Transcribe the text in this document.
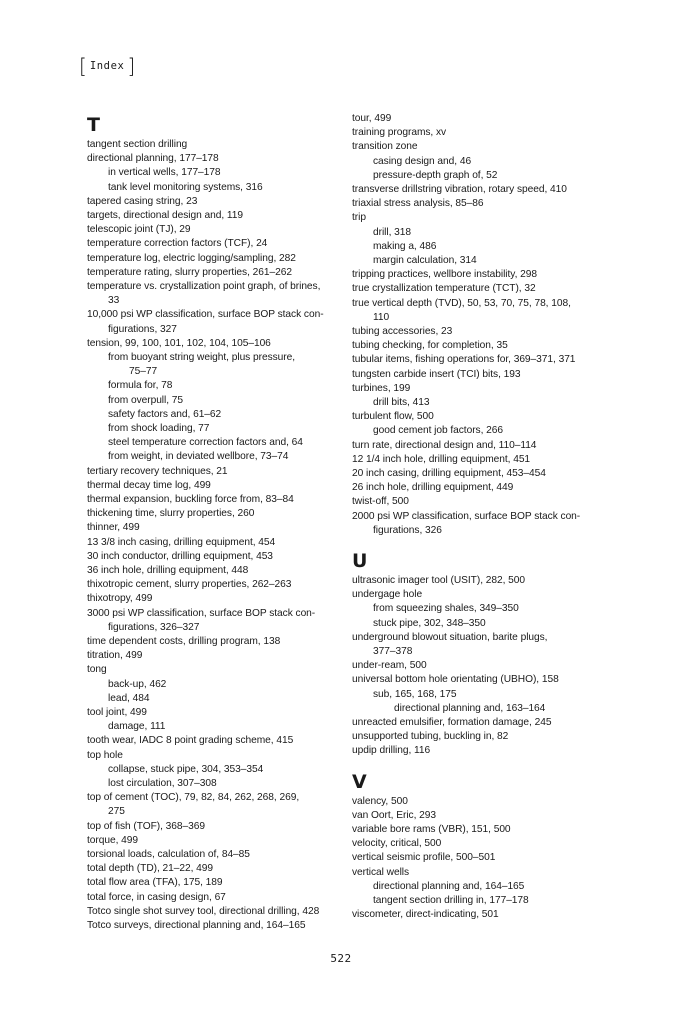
[ Index ]
T
tangent section drilling
directional planning, 177–178
in vertical wells, 177–178
tank level monitoring systems, 316
tapered casing string, 23
targets, directional design and, 119
telescopic joint (TJ), 29
temperature correction factors (TCF), 24
temperature log, electric logging/sampling, 282
temperature rating, slurry properties, 261–262
temperature vs. crystallization point graph, of brines,
33
10,000 psi WP classification, surface BOP stack con-
figurations, 327
tension, 99, 100, 101, 102, 104, 105–106
from buoyant string weight, plus pressure,
75–77
formula for, 78
from overpull, 75
safety factors and, 61–62
from shock loading, 77
steel temperature correction factors and, 64
from weight, in deviated wellbore, 73–74
tertiary recovery techniques, 21
thermal decay time log, 499
thermal expansion, buckling force from, 83–84
thickening time, slurry properties, 260
thinner, 499
13 3/8 inch casing, drilling equipment, 454
30 inch conductor, drilling equipment, 453
36 inch hole, drilling equipment, 448
thixotropic cement, slurry properties, 262–263
thixotropy, 499
3000 psi WP classification, surface BOP stack con-
figurations, 326–327
time dependent costs, drilling program, 138
titration, 499
tong
back-up, 462
lead, 484
tool joint, 499
damage, 111
tooth wear, IADC 8 point grading scheme, 415
top hole
collapse, stuck pipe, 304, 353–354
lost circulation, 307–308
top of cement (TOC), 79, 82, 84, 262, 268, 269,
275
top of fish (TOF), 368–369
torque, 499
torsional loads, calculation of, 84–85
total depth (TD), 21–22, 499
total flow area (TFA), 175, 189
total force, in casing design, 67
Totco single shot survey tool, directional drilling, 428
Totco surveys, directional planning and, 164–165
tour, 499
training programs, xv
transition zone
casing design and, 46
pressure-depth graph of, 52
transverse drillstring vibration, rotary speed, 410
triaxial stress analysis, 85–86
trip
drill, 318
making a, 486
margin calculation, 314
tripping practices, wellbore instability, 298
true crystallization temperature (TCT), 32
true vertical depth (TVD), 50, 53, 70, 75, 78, 108,
110
tubing accessories, 23
tubing checking, for completion, 35
tubular items, fishing operations for, 369–371, 371
tungsten carbide insert (TCI) bits, 193
turbines, 199
drill bits, 413
turbulent flow, 500
good cement job factors, 266
turn rate, directional design and, 110–114
12 1/4 inch hole, drilling equipment, 451
20 inch casing, drilling equipment, 453–454
26 inch hole, drilling equipment, 449
twist-off, 500
2000 psi WP classification, surface BOP stack con-
figurations, 326
U
ultrasonic imager tool (USIT), 282, 500
undergage hole
from squeezing shales, 349–350
stuck pipe, 302, 348–350
underground blowout situation, barite plugs,
377–378
under-ream, 500
universal bottom hole orientating (UBHO), 158
sub, 165, 168, 175
directional planning and, 163–164
unreacted emulsifier, formation damage, 245
unsupported tubing, buckling in, 82
updip drilling, 116
V
valency, 500
van Oort, Eric, 293
variable bore rams (VBR), 151, 500
velocity, critical, 500
vertical seismic profile, 500–501
vertical wells
directional planning and, 164–165
tangent section drilling in, 177–178
viscometer, direct-indicating, 501
522
